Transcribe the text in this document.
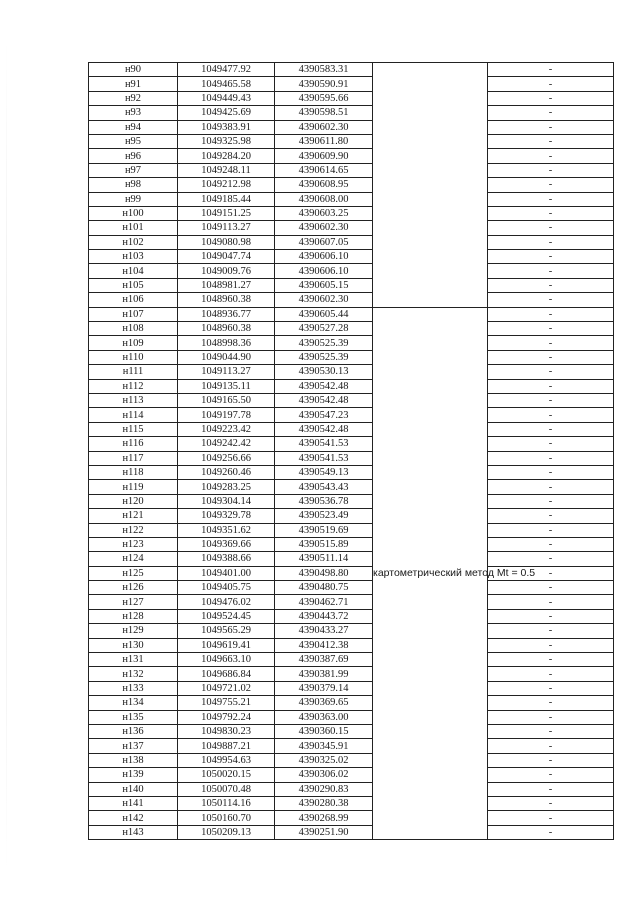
н90	1049477.92	4390583.31		-
н91	1049465.58	4390590.91		-
н92	1049449.43	4390595.66		-
н93	1049425.69	4390598.51		-
н94	1049383.91	4390602.30		-
н95	1049325.98	4390611.80		-
н96	1049284.20	4390609.90		-
н97	1049248.11	4390614.65		-
н98	1049212.98	4390608.95		-
н99	1049185.44	4390608.00		-
н100	1049151.25	4390603.25		-
н101	1049113.27	4390602.30		-
н102	1049080.98	4390607.05		-
н103	1049047.74	4390606.10		-
н104	1049009.76	4390606.10		-
н105	1048981.27	4390605.15		-
н106	1048960.38	4390602.30		-
н107	1048936.77	4390605.44	картометрический метод Mt = 0.5	-
н108	1048960.38	4390527.28		-
н109	1048998.36	4390525.39		-
н110	1049044.90	4390525.39		-
н111	1049113.27	4390530.13		-
н112	1049135.11	4390542.48		-
н113	1049165.50	4390542.48		-
н114	1049197.78	4390547.23		-
н115	1049223.42	4390542.48		-
н116	1049242.42	4390541.53		-
н117	1049256.66	4390541.53		-
н118	1049260.46	4390549.13		-
н119	1049283.25	4390543.43		-
н120	1049304.14	4390536.78		-
н121	1049329.78	4390523.49		-
н122	1049351.62	4390519.69		-
н123	1049369.66	4390515.89		-
н124	1049388.66	4390511.14		-
н125	1049401.00	4390498.80		-
н126	1049405.75	4390480.75		-
н127	1049476.02	4390462.71		-
н128	1049524.45	4390443.72		-
н129	1049565.29	4390433.27		-
н130	1049619.41	4390412.38		-
н131	1049663.10	4390387.69		-
н132	1049686.84	4390381.99		-
н133	1049721.02	4390379.14		-
н134	1049755.21	4390369.65		-
н135	1049792.24	4390363.00		-
н136	1049830.23	4390360.15		-
н137	1049887.21	4390345.91		-
н138	1049954.63	4390325.02		-
н139	1050020.15	4390306.02		-
н140	1050070.48	4390290.83		-
н141	1050114.16	4390280.38		-
н142	1050160.70	4390268.99		-
н143	1050209.13	4390251.90		-
